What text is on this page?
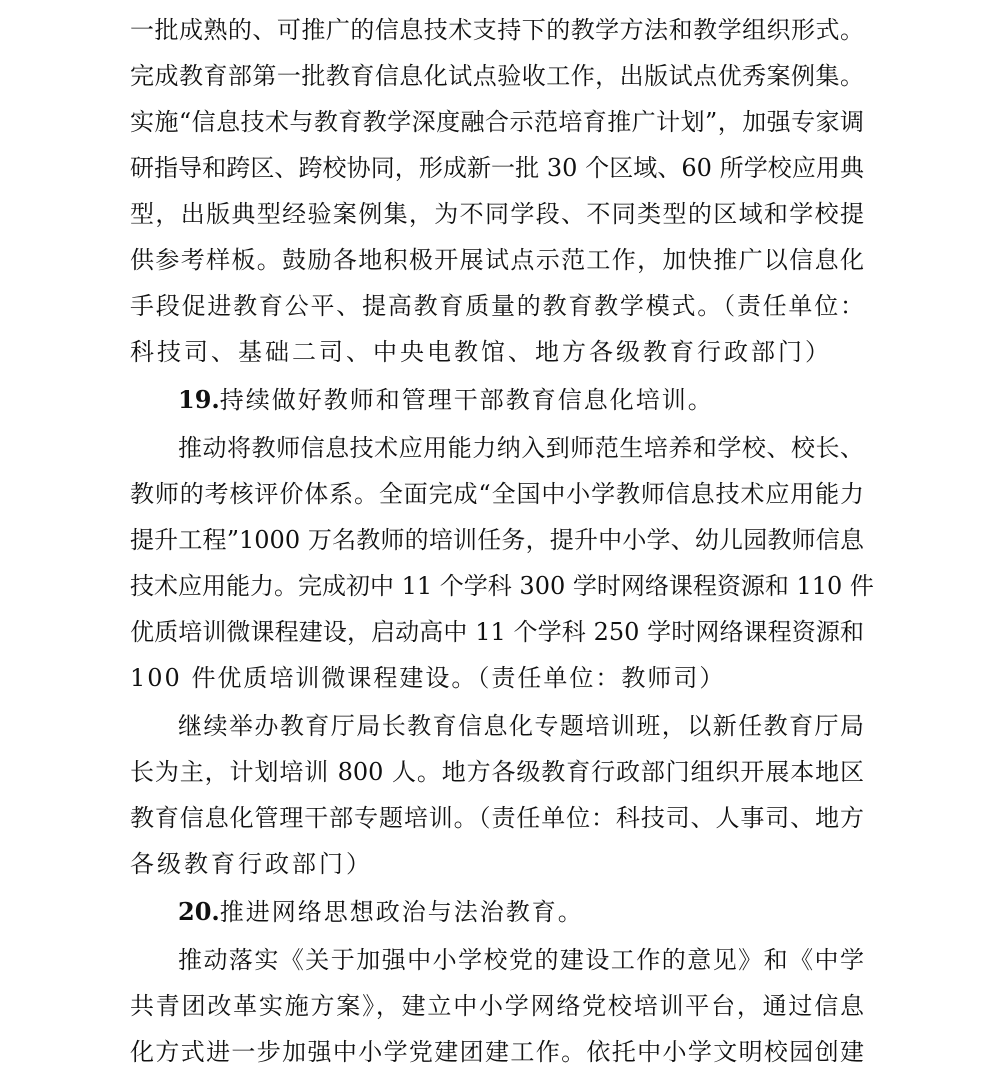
一批成熟的、可推广的信息技术支持下的教学方法和教学组织形式。
完成教育部第一批教育信息化试点验收工作，出版试点优秀案例集。
实施“信息技术与教育教学深度融合示范培育推广计划”，加强专家调
研指导和跨区、跨校协同，形成新一批 30 个区域、60 所学校应用典
型，出版典型经验案例集，为不同学段、不同类型的区域和学校提
供参考样板。鼓励各地积极开展试点示范工作，加快推广以信息化
手段促进教育公平、提高教育质量的教育教学模式。（责任单位：
科技司、基础二司、中央电教馆、地方各级教育行政部门）
19.持续做好教师和管理干部教育信息化培训。
推动将教师信息技术应用能力纳入到师范生培养和学校、校长、
教师的考核评价体系。全面完成“全国中小学教师信息技术应用能力
提升工程”1000 万名教师的培训任务，提升中小学、幼儿园教师信息
技术应用能力。完成初中 11 个学科 300 学时网络课程资源和 110 件
优质培训微课程建设，启动高中 11 个学科 250 学时网络课程资源和
100 件优质培训微课程建设。（责任单位：教师司）
继续举办教育厅局长教育信息化专题培训班，以新任教育厅局
长为主，计划培训 800 人。地方各级教育行政部门组织开展本地区
教育信息化管理干部专题培训。（责任单位：科技司、人事司、地方
各级教育行政部门）
20.推进网络思想政治与法治教育。
推动落实《关于加强中小学校党的建设工作的意见》和《中学
共青团改革实施方案》，建立中小学网络党校培训平台，通过信息
化方式进一步加强中小学党建团建工作。依托中小学文明校园创建
